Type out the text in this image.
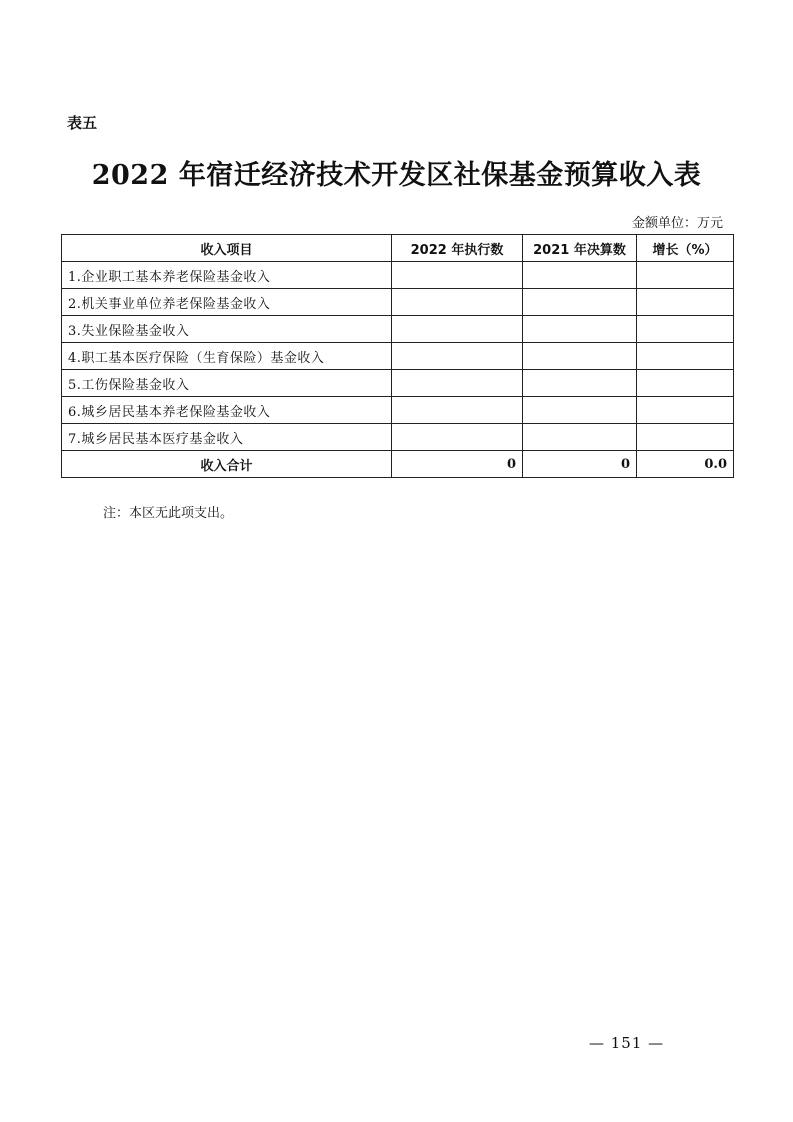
表五
2022 年宿迁经济技术开发区社保基金预算收入表
金额单位：万元
收入项目	2022 年执行数	2021 年决算数	增长（%）
1.企业职工基本养老保险基金收入			
2.机关事业单位养老保险基金收入			
3.失业保险基金收入			
4.职工基本医疗保险（生育保险）基金收入			
5.工伤保险基金收入			
6.城乡居民基本养老保险基金收入			
7.城乡居民基本医疗基金收入			
收入合计	0	0	0.0
注：本区无此项支出。
— 151 —
